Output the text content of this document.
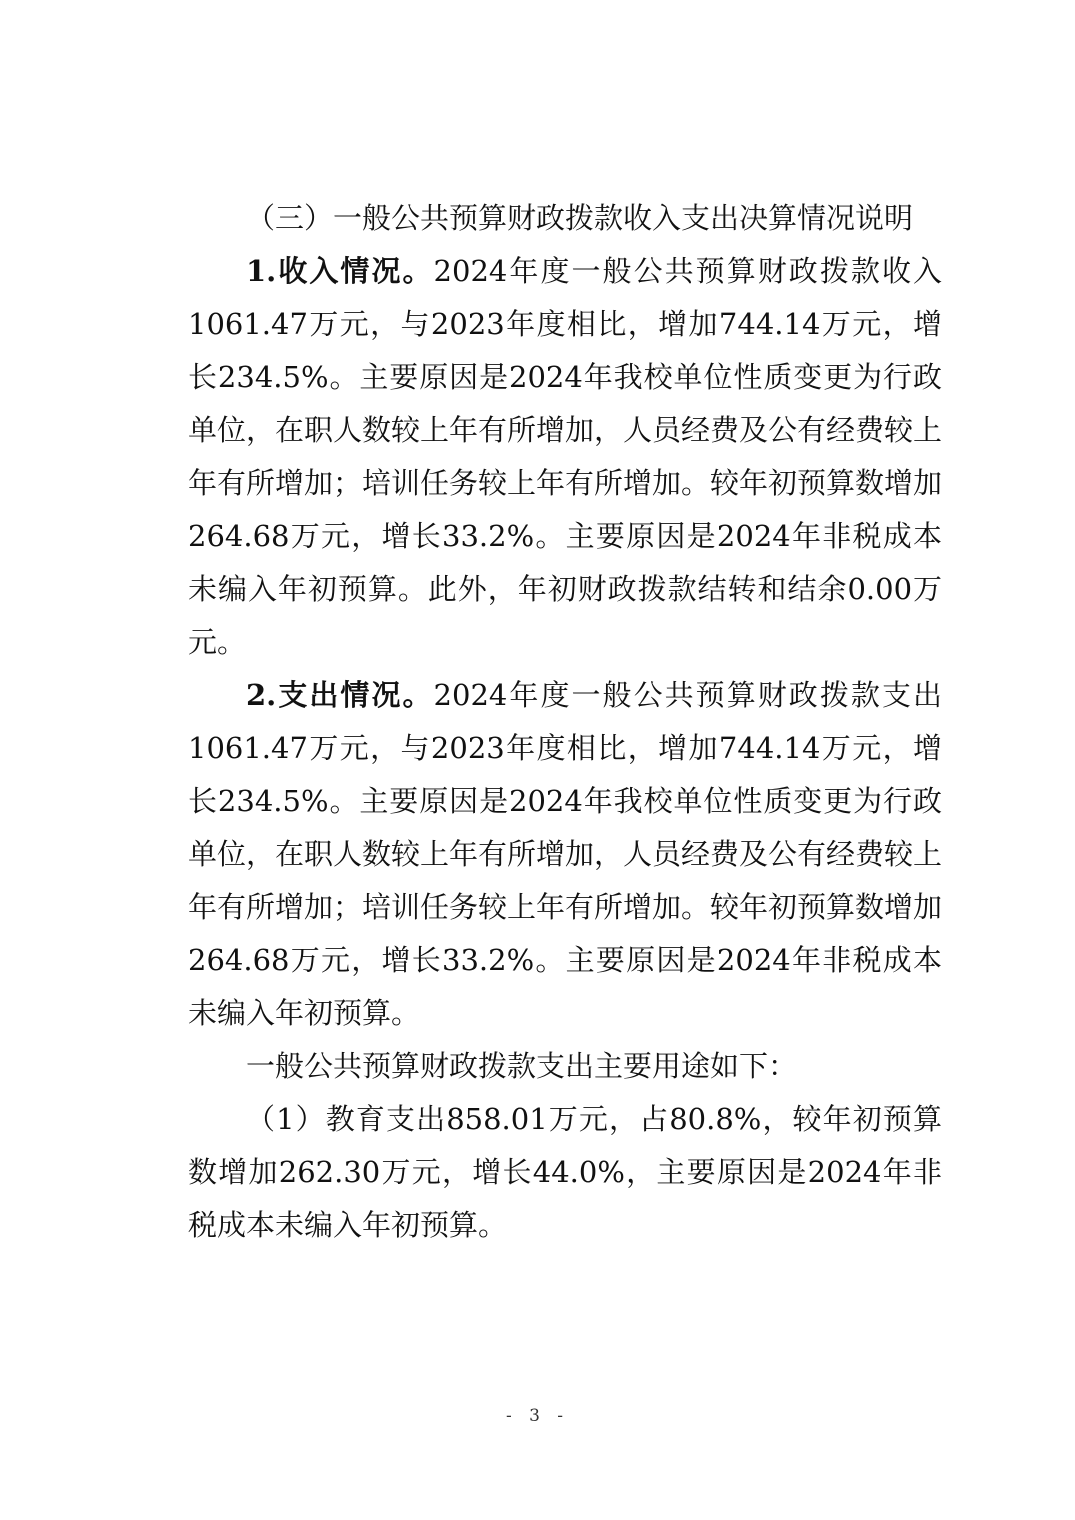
（三）一般公共预算财政拨款收入支出决算情况说明

1.收入情况。2024年度一般公共预算财政拨款收入1061.47万元，与2023年度相比，增加744.14万元，增长234.5%。主要原因是2024年我校单位性质变更为行政单位，在职人数较上年有所增加，人员经费及公有经费较上年有所增加；培训任务较上年有所增加。较年初预算数增加264.68万元，增长33.2%。主要原因是2024年非税成本未编入年初预算。此外，年初财政拨款结转和结余0.00万元。

2.支出情况。2024年度一般公共预算财政拨款支出1061.47万元，与2023年度相比，增加744.14万元，增长234.5%。主要原因是2024年我校单位性质变更为行政单位，在职人数较上年有所增加，人员经费及公有经费较上年有所增加；培训任务较上年有所增加。较年初预算数增加264.68万元，增长33.2%。主要原因是2024年非税成本未编入年初预算。

一般公共预算财政拨款支出主要用途如下：

（1）教育支出858.01万元，占80.8%，较年初预算数增加262.30万元，增长44.0%，主要原因是2024年非税成本未编入年初预算。

- 3 -
